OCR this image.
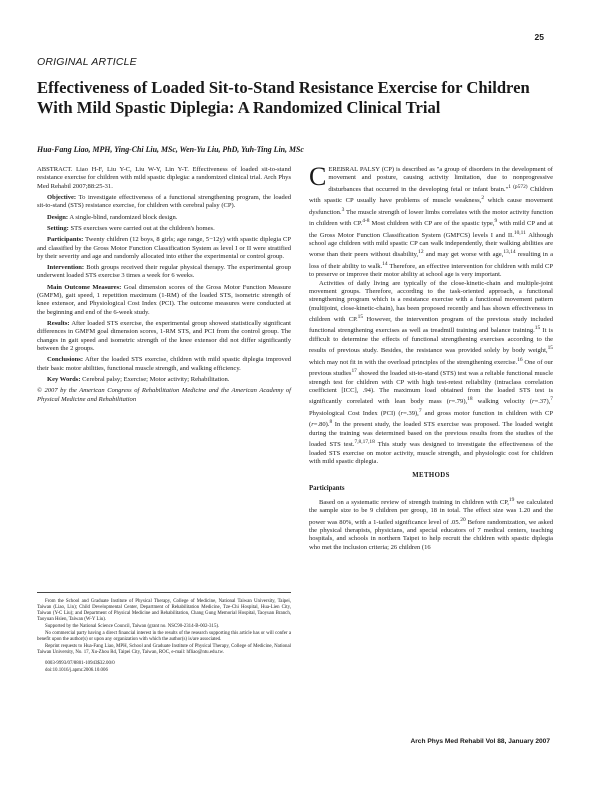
25
ORIGINAL ARTICLE
Effectiveness of Loaded Sit-to-Stand Resistance Exercise for Children With Mild Spastic Diplegia: A Randomized Clinical Trial
Hua-Fang Liao, MPH, Ying-Chi Liu, MSc, Wen-Yu Liu, PhD, Yuh-Ting Lin, MSc

ABSTRACT. Liao H-F, Liu Y-C, Liu W-Y, Lin Y-T. Effectiveness of loaded sit-to-stand resistance exercise for children with mild spastic diplegia: a randomized clinical trial. Arch Phys Med Rehabil 2007;88:25-31.

Objective: To investigate effectiveness of a functional strengthening program, the loaded sit-to-stand (STS) resistance exercise, for children with cerebral palsy (CP).

Design: A single-blind, randomized block design.

Setting: STS exercises were carried out at the children's homes.

Participants: Twenty children (12 boys, 8 girls; age range, 5−12y) with spastic diplegia CP and classified by the Gross Motor Function Classification System as level I or II were stratified by their severity and age and randomly allocated into either the experimental or control group.

Intervention: Both groups received their regular physical therapy. The experimental group underwent loaded STS exercise 3 times a week for 6 weeks.

Main Outcome Measures: Goal dimension scores of the Gross Motor Function Measure (GMFM), gait speed, 1 repetition maximum (1-RM) of the loaded STS, isometric strength of knee extensor, and Physiological Cost Index (PCI). The outcome measures were conducted at the beginning and end of the 6-week study.

Results: After loaded STS exercise, the experimental group showed statistically significant differences in GMFM goal dimension scores, 1-RM STS, and PCI from the control group. The changes in gait speed and isometric strength of the knee extensor did not differ significantly between the 2 groups.

Conclusions: After the loaded STS exercise, children with mild spastic diplegia improved their basic motor abilities, functional muscle strength, and walking efficiency.

Key Words: Cerebral palsy; Exercise; Motor activity; Rehabilitation.

© 2007 by the American Congress of Rehabilitation Medicine and the American Academy of Physical Medicine and Rehabilitation

From the School and Graduate Institute of Physical Therapy, College of Medicine, National Taiwan University, Taipei, Taiwan (Liao, Lin); Child Developmental Center, Department of Rehabilitation Medicine, Tze-Chi Hospital, Hua-Lien City, Taiwan (Y-C Liu); and Department of Physical Medicine and Rehabilitation, Chang Gung Memorial Hospital, Taoyuan Branch, Taoyuan Hsien, Taiwan (W-Y Liu).

Supported by the National Science Council, Taiwan (grant no. NSC90-2314-B-002-315).

No commercial party having a direct financial interest in the results of the research supporting this article has or will confer a benefit upon the author(s) or upon any organization with which the author(s) is/are associated.

Reprint requests to Hua-Fang Liao, MPH, School and Graduate Institute of Physical Therapy, College of Medicine, National Taiwan University, No. 17, Xu-Zhou Rd, Taipei City, Taiwan, ROC, e-mail: hfliao@ntu.edu.tw.

0003-9993/07/8801-10943$32.00/0

doi:10.1016/j.apmr.2006.10.006

CEREBRAL PALSY (CP) is described as "a group of disorders in the development of movement and posture, causing activity limitation, due to nonprogressive disturbances that occurred in the developing fetal or infant brain."$^{1 (p572)}$ Children with spastic CP usually have problems of muscle weakness,$^2$ which cause movement dysfunction.$^3$ The muscle strength of lower limbs correlates with the motor activity function in children with CP.$^{4-8}$ Most children with CP are of the spastic type,$^9$ with mild CP and at the Gross Motor Function Classification System (GMFCS) levels I and II.$^{10,11}$ Although school age children with mild spastic CP can walk independently, their walking abilities are worse than their peers without disability,$^{12}$ and may get worse with age,$^{13,14}$ resulting in a loss of their ability to walk.$^{14}$ Therefore, an effective intervention for children with mild CP to preserve or improve their motor ability at school age is very important.

Activities of daily living are typically of the close-kinetic-chain and multiple-joint movement groups. Therefore, according to the task-oriented approach, a functional strengthening program which is a resistance exercise with a functional movement pattern (multijoint, close-kinetic-chain), has been proposed recently and has shown effectiveness in children with CP.$^{15}$ However, the intervention program of the previous study included functional strengthening exercises as well as treadmill training and balance training.$^{15}$ It is difficult to determine the effects of functional strengthening exercises according to the results of previous study. Besides, the resistance was provided solely by body weight,$^{15}$ which may not fit in with the overload principles of the strengthening exercise.$^{16}$ One of our previous studies$^{17}$ showed the loaded sit-to-stand (STS) test was a reliable functional muscle strength test for children with CP with high test-retest reliability (intraclass correlation coefficient [ICC], .94). The maximum load obtained from the loaded STS test is significantly correlated with lean body mass (r=.79),$^{18}$ walking velocity (r=.37),$^7$ Physiological Cost Index (PCI) (r=.39),$^7$ and gross motor function in children with CP (r=.80).$^8$ In the present study, the loaded STS exercise was proposed. The loaded weight during the training was determined based on the previous results from the studies of the loaded STS test.$^{7,8,17,18}$ This study was designed to investigate the effectiveness of the loaded STS exercise on motor activity, muscle strength, and physiologic cost for children with mild spastic diplegia.

METHODS
Participants

Based on a systematic review of strength training in children with CP,$^{19}$ we calculated the sample size to be 9 children per group, 18 in total. The effect size was 1.20 and the power was 80%, with a 1-tailed significance level of .05.20 Before randomization, we asked the physical therapists, physicians, and special educators of 7 medical centers, teaching hospitals, and schools in northern Taipei to help recruit the children with spastic diplegia who met the inclusion criteria; 26 children (16

Arch Phys Med Rehabil Vol 88, January 2007
